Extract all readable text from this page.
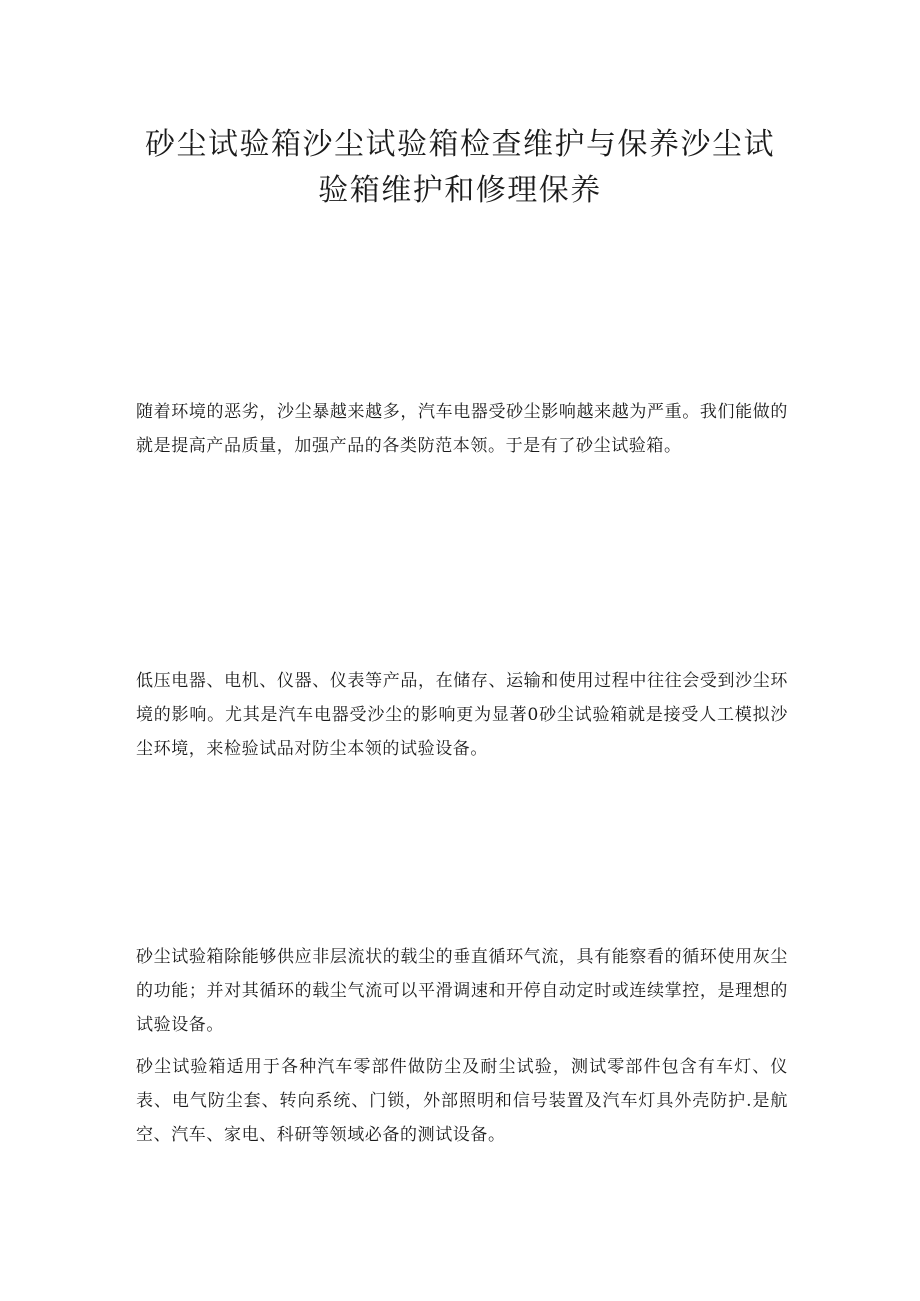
砂尘试验箱沙尘试验箱检查维护与保养沙尘试验箱维护和修理保养

随着环境的恶劣，沙尘暴越来越多，汽车电器受砂尘影响越来越为严重。我们能做的就是提高产品质量，加强产品的各类防范本领。于是有了砂尘试验箱。

低压电器、电机、仪器、仪表等产品，在储存、运输和使用过程中往往会受到沙尘环境的影响。尤其是汽车电器受沙尘的影响更为显著0砂尘试验箱就是接受人工模拟沙尘环境，来检验试品对防尘本领的试验设备。

砂尘试验箱除能够供应非层流状的载尘的垂直循环气流，具有能察看的循环使用灰尘的功能；并对其循环的载尘气流可以平滑调速和开停自动定时或连续掌控，是理想的试验设备。

砂尘试验箱适用于各种汽车零部件做防尘及耐尘试验，测试零部件包含有车灯、仪表、电气防尘套、转向系统、门锁，外部照明和信号装置及汽车灯具外壳防护.是航空、汽车、家电、科研等领域必备的测试设备。
